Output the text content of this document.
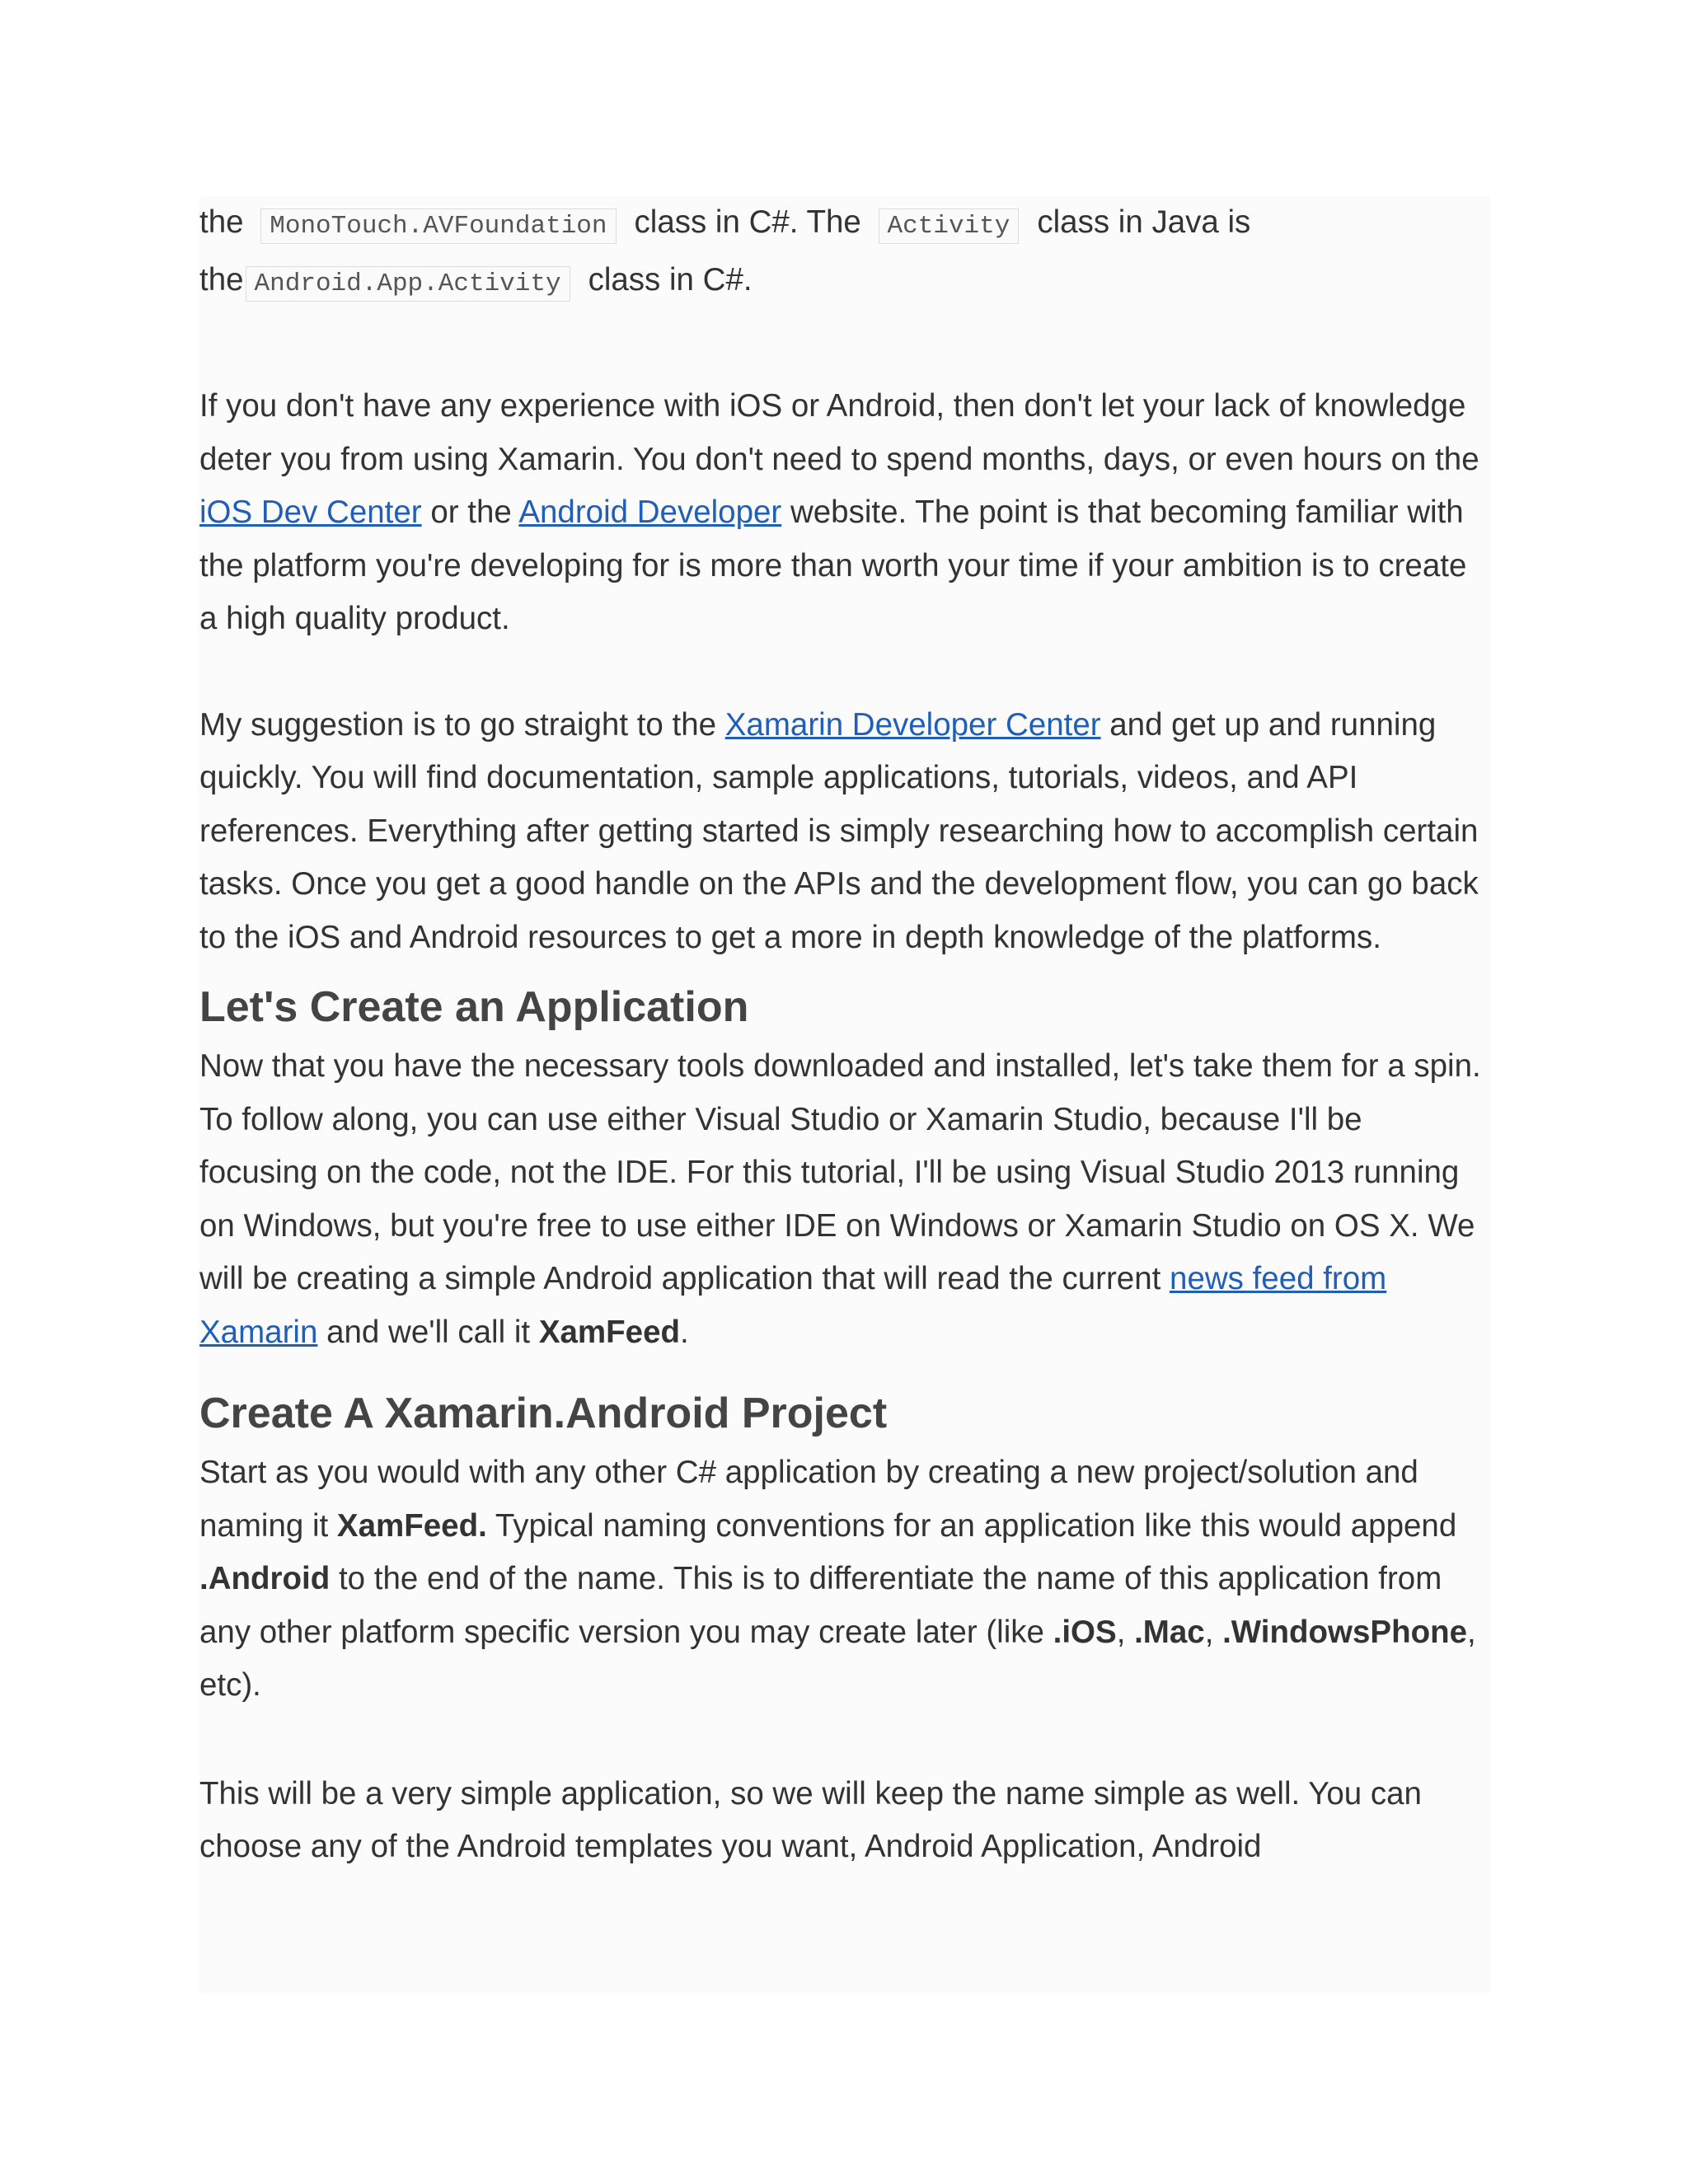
the MonoTouch.AVFoundation class in C#. The Activity class in Java is
the Android.App.Activity class in C#.

If you don't have any experience with iOS or Android, then don't let your lack of knowledge deter you from using Xamarin. You don't need to spend months, days, or even hours on the iOS Dev Center or the Android Developer website. The point is that becoming familiar with the platform you're developing for is more than worth your time if your ambition is to create a high quality product.

My suggestion is to go straight to the Xamarin Developer Center and get up and running quickly. You will find documentation, sample applications, tutorials, videos, and API references. Everything after getting started is simply researching how to accomplish certain tasks. Once you get a good handle on the APIs and the development flow, you can go back to the iOS and Android resources to get a more in depth knowledge of the platforms.

Let's Create an Application

Now that you have the necessary tools downloaded and installed, let's take them for a spin. To follow along, you can use either Visual Studio or Xamarin Studio, because I'll be focusing on the code, not the IDE. For this tutorial, I'll be using Visual Studio 2013 running on Windows, but you're free to use either IDE on Windows or Xamarin Studio on OS X. We will be creating a simple Android application that will read the current news feed from Xamarin and we'll call it XamFeed.

Create A Xamarin.Android Project

Start as you would with any other C# application by creating a new project/solution and naming it XamFeed. Typical naming conventions for an application like this would append .Android to the end of the name. This is to differentiate the name of this application from any other platform specific version you may create later (like .iOS, .Mac, .WindowsPhone, etc).

This will be a very simple application, so we will keep the name simple as well. You can choose any of the Android templates you want, Android Application, Android
